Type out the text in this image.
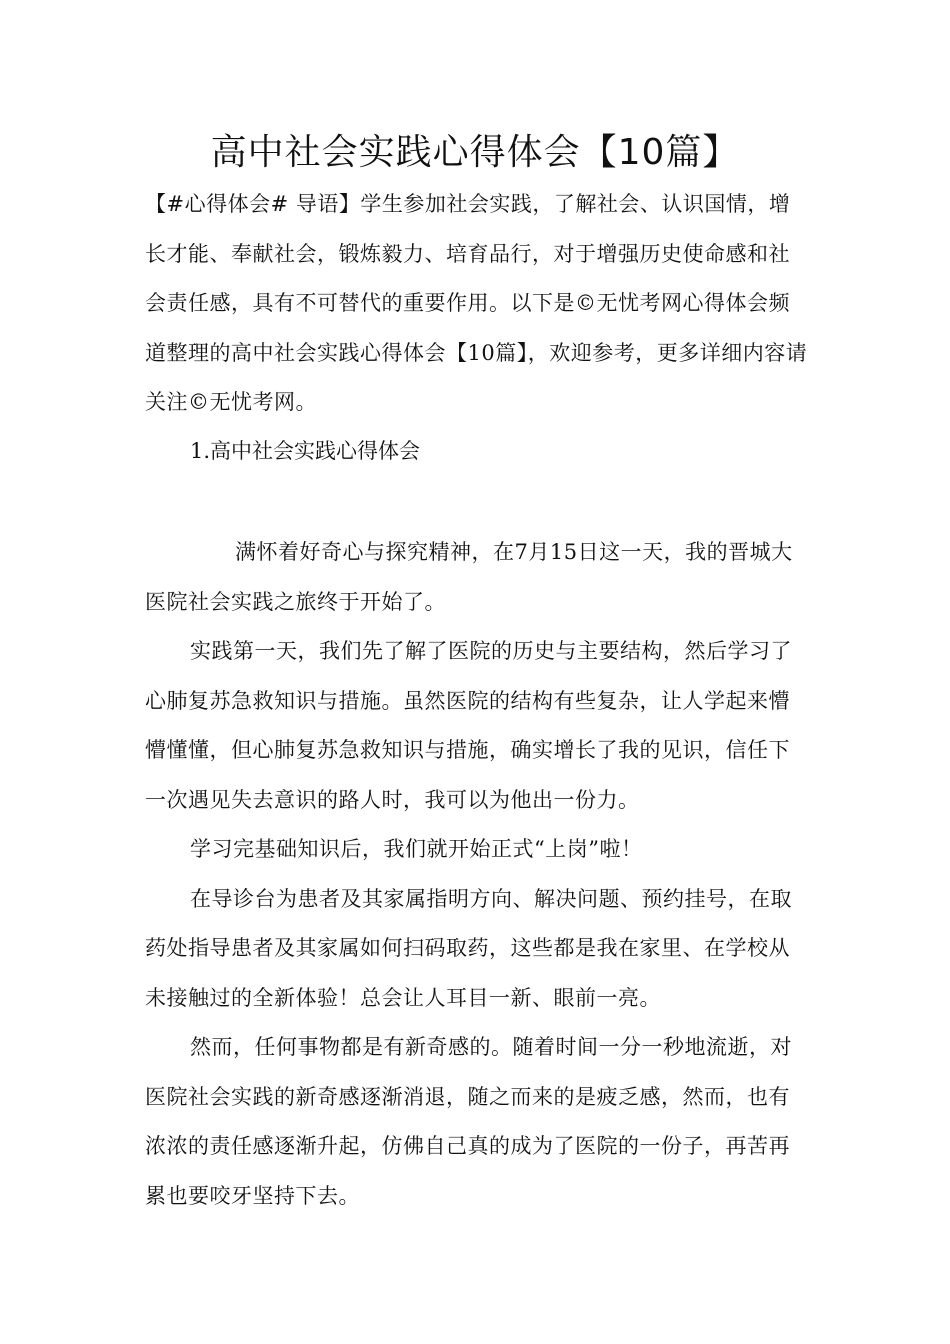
高中社会实践心得体会【10篇】

【#心得体会# 导语】学生参加社会实践，了解社会、认识国情，增长才能、奉献社会，锻炼毅力、培育品行，对于增强历史使命感和社会责任感，具有不可替代的重要作用。以下是©无忧考网心得体会频道整理的高中社会实践心得体会【10篇】，欢迎参考，更多详细内容请关注©无忧考网。

1.高中社会实践心得体会

满怀着好奇心与探究精神，在7月15日这一天，我的晋城大医院社会实践之旅终于开始了。

实践第一天，我们先了解了医院的历史与主要结构，然后学习了心肺复苏急救知识与措施。虽然医院的结构有些复杂，让人学起来懵懵懂懂，但心肺复苏急救知识与措施，确实增长了我的见识，信任下一次遇见失去意识的路人时，我可以为他出一份力。

学习完基础知识后，我们就开始正式“上岗”啦！

在导诊台为患者及其家属指明方向、解决问题、预约挂号，在取药处指导患者及其家属如何扫码取药，这些都是我在家里、在学校从未接触过的全新体验！总会让人耳目一新、眼前一亮。

然而，任何事物都是有新奇感的。随着时间一分一秒地流逝，对医院社会实践的新奇感逐渐消退，随之而来的是疲乏感，然而，也有浓浓的责任感逐渐升起，仿佛自己真的成为了医院的一份子，再苦再累也要咬牙坚持下去。
